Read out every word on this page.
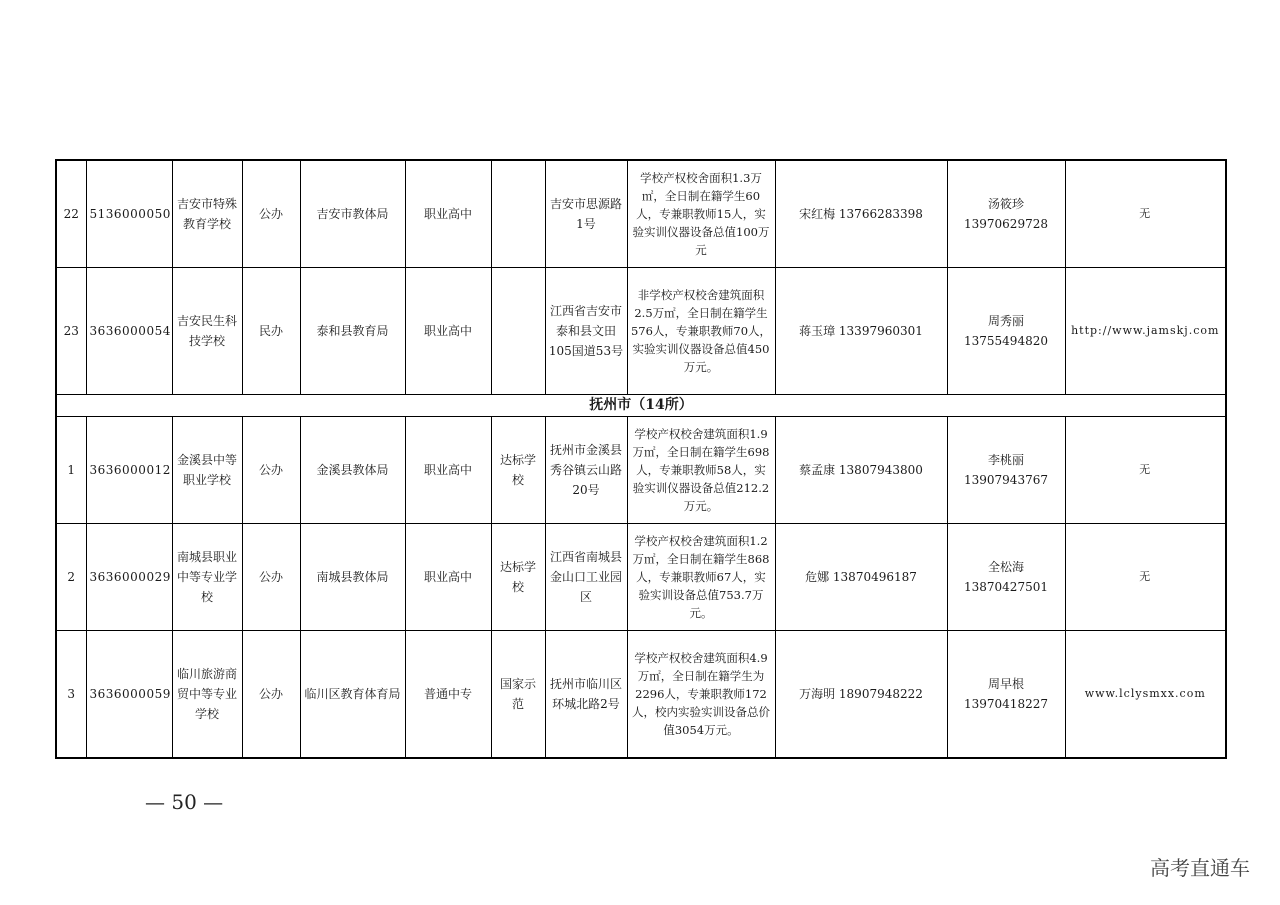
22	5136000050	吉安市特殊教育学校	公办	吉安市教体局	职业高中		吉安市思源路1号	学校产权校舍面积1.3万㎡，全日制在籍学生60人，专兼职教师15人，实验实训仪器设备总值100万元	宋红梅 13766283398	汤筱珍 13970629728	无
23	3636000054	吉安民生科技学校	民办	泰和县教育局	职业高中		江西省吉安市泰和县文田105国道53号	非学校产权校舍建筑面积2.5万㎡，全日制在籍学生576人，专兼职教师70人，实验实训仪器设备总值450万元。	蒋玉璋 13397960301	周秀丽 13755494820	http://www.jamskj.com
抚州市（14所）											
1	3636000012	金溪县中等职业学校	公办	金溪县教体局	职业高中	达标学校	抚州市金溪县秀谷镇云山路20号	学校产权校舍建筑面积1.9万㎡，全日制在籍学生698人，专兼职教师58人，实验实训仪器设备总值212.2万元。	蔡孟康 13807943800	李桃丽 13907943767	无
2	3636000029	南城县职业中等专业学校	公办	南城县教体局	职业高中	达标学校	江西省南城县金山口工业园区	学校产权校舍建筑面积1.2万㎡，全日制在籍学生868人，专兼职教师67人，实验实训设备总值753.7万元。	危娜 13870496187	全松海 13870427501	无
3	3636000059	临川旅游商贸中等专业学校	公办	临川区教育体育局	普通中专	国家示范	抚州市临川区环城北路2号	学校产权校舍建筑面积4.9万㎡，全日制在籍学生为2296人，专兼职教师172人，校内实验实训设备总价值3054万元。	万海明 18907948222	周早根 13970418227	www.lclysmxx.com
— 50 —
高考直通车
